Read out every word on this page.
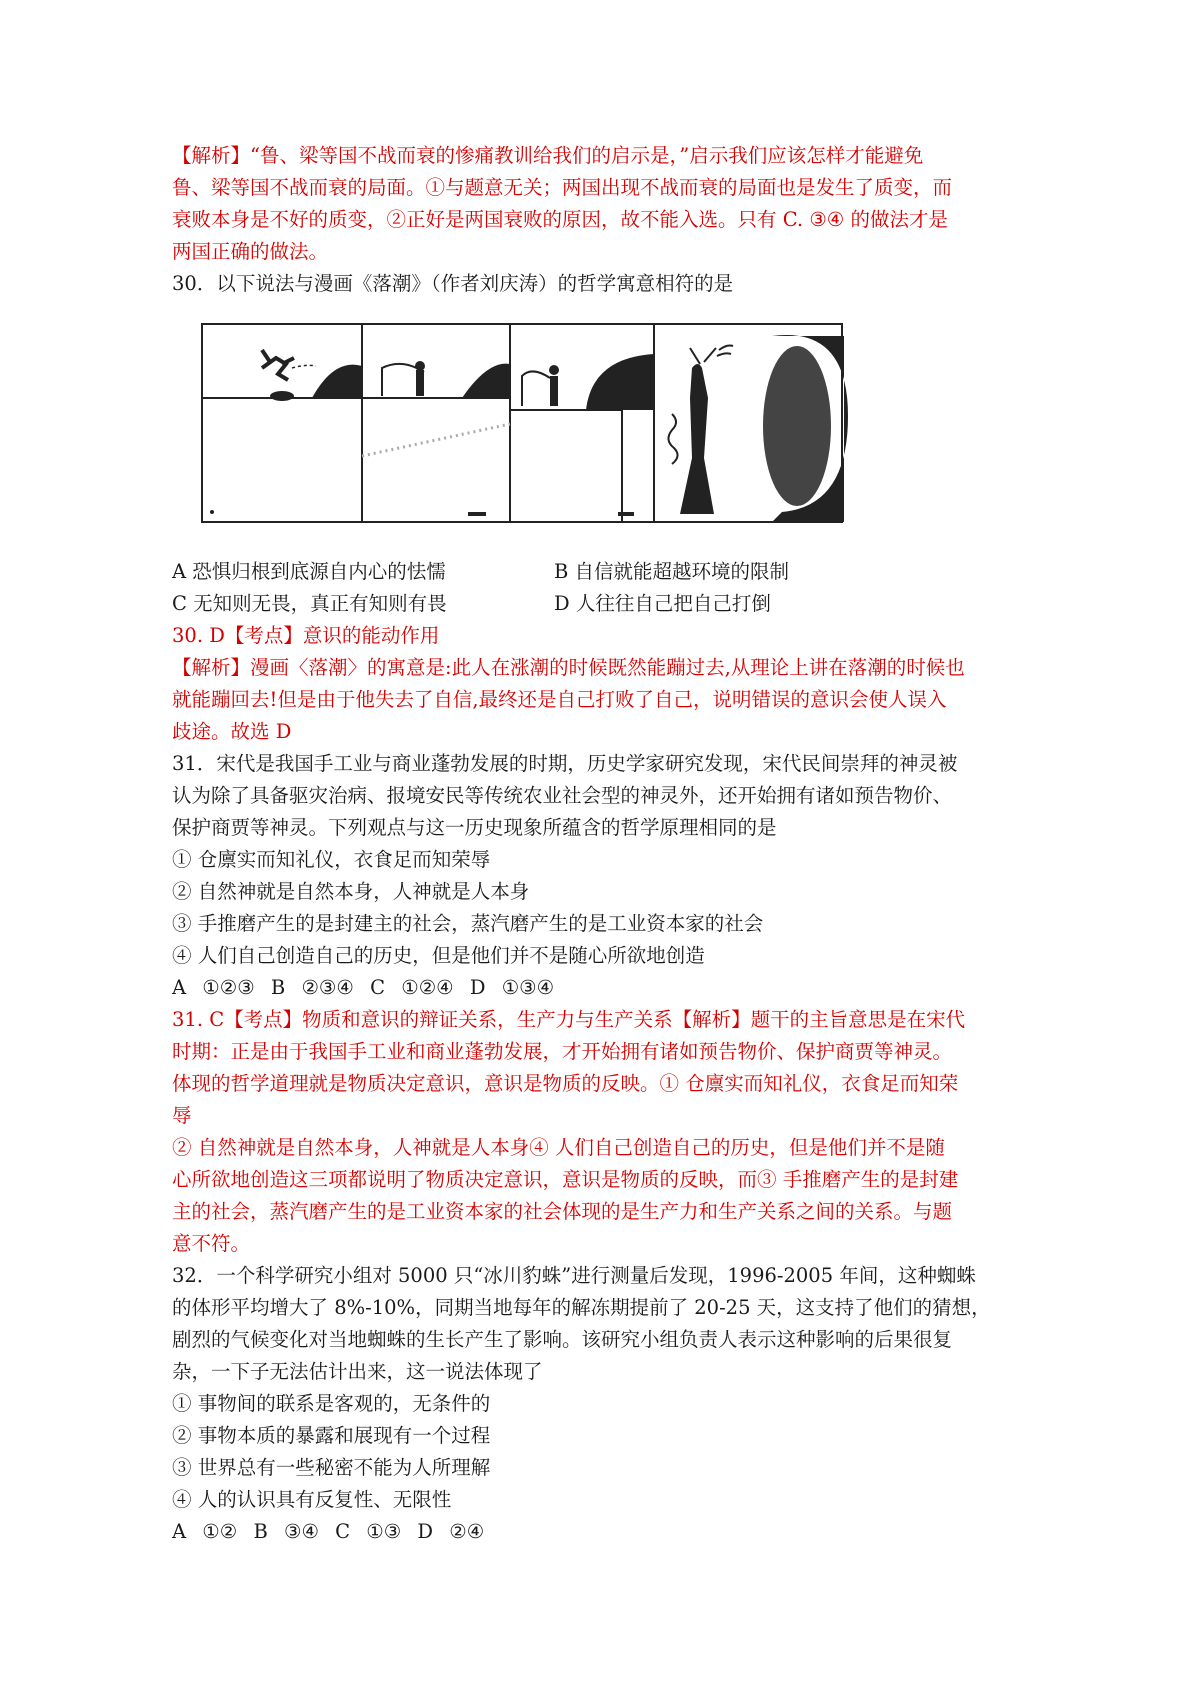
【解析】“鲁、梁等国不战而衰的惨痛教训给我们的启示是，”启示我们应该怎样才能避免

鲁、梁等国不战而衰的局面。①与题意无关；两国出现不战而衰的局面也是发生了质变，而

衰败本身是不好的质变，②正好是两国衰败的原因，故不能入选。只有 C. ③④ 的做法才是

两国正确的做法。

30．以下说法与漫画《落潮》（作者刘庆涛）的哲学寓意相符的是

A 恐惧归根到底源自内心的怯懦	B 自信就能超越环境的限制
C 无知则无畏，真正有知则有畏	D 人往往自己把自己打倒

30. D【考点】意识的能动作用

【解析】漫画〈落潮〉的寓意是:此人在涨潮的时候既然能蹦过去,从理论上讲在落潮的时候也

就能蹦回去!但是由于他失去了自信,最终还是自己打败了自己，说明错误的意识会使人误入

歧途。故选 D

31．宋代是我国手工业与商业蓬勃发展的时期，历史学家研究发现，宋代民间崇拜的神灵被

认为除了具备驱灾治病、报境安民等传统农业社会型的神灵外，还开始拥有诸如预告物价、

保护商贾等神灵。下列观点与这一历史现象所蕴含的哲学原理相同的是

① 仓廪实而知礼仪，衣食足而知荣辱

② 自然神就是自然本身，人神就是人本身

③ 手推磨产生的是封建主的社会，蒸汽磨产生的是工业资本家的社会

④ 人们自己创造自己的历史，但是他们并不是随心所欲地创造

A ①②③ B ②③④ C ①②④ D ①③④

31. C【考点】物质和意识的辩证关系，生产力与生产关系【解析】题干的主旨意思是在宋代

时期：正是由于我国手工业和商业蓬勃发展，才开始拥有诸如预告物价、保护商贾等神灵。

体现的哲学道理就是物质决定意识，意识是物质的反映。① 仓廪实而知礼仪，衣食足而知荣

辱

② 自然神就是自然本身，人神就是人本身④ 人们自己创造自己的历史，但是他们并不是随

心所欲地创造这三项都说明了物质决定意识，意识是物质的反映，而③ 手推磨产生的是封建

主的社会，蒸汽磨产生的是工业资本家的社会体现的是生产力和生产关系之间的关系。与题

意不符。

32．一个科学研究小组对 5000 只“冰川豹蛛”进行测量后发现，1996-2005 年间，这种蜘蛛

的体形平均增大了 8%-10%，同期当地每年的解冻期提前了 20-25 天，这支持了他们的猜想，

剧烈的气候变化对当地蜘蛛的生长产生了影响。该研究小组负责人表示这种影响的后果很复

杂，一下子无法估计出来，这一说法体现了

① 事物间的联系是客观的，无条件的

② 事物本质的暴露和展现有一个过程

③ 世界总有一些秘密不能为人所理解

④ 人的认识具有反复性、无限性

A ①② B ③④ C ①③ D ②④
